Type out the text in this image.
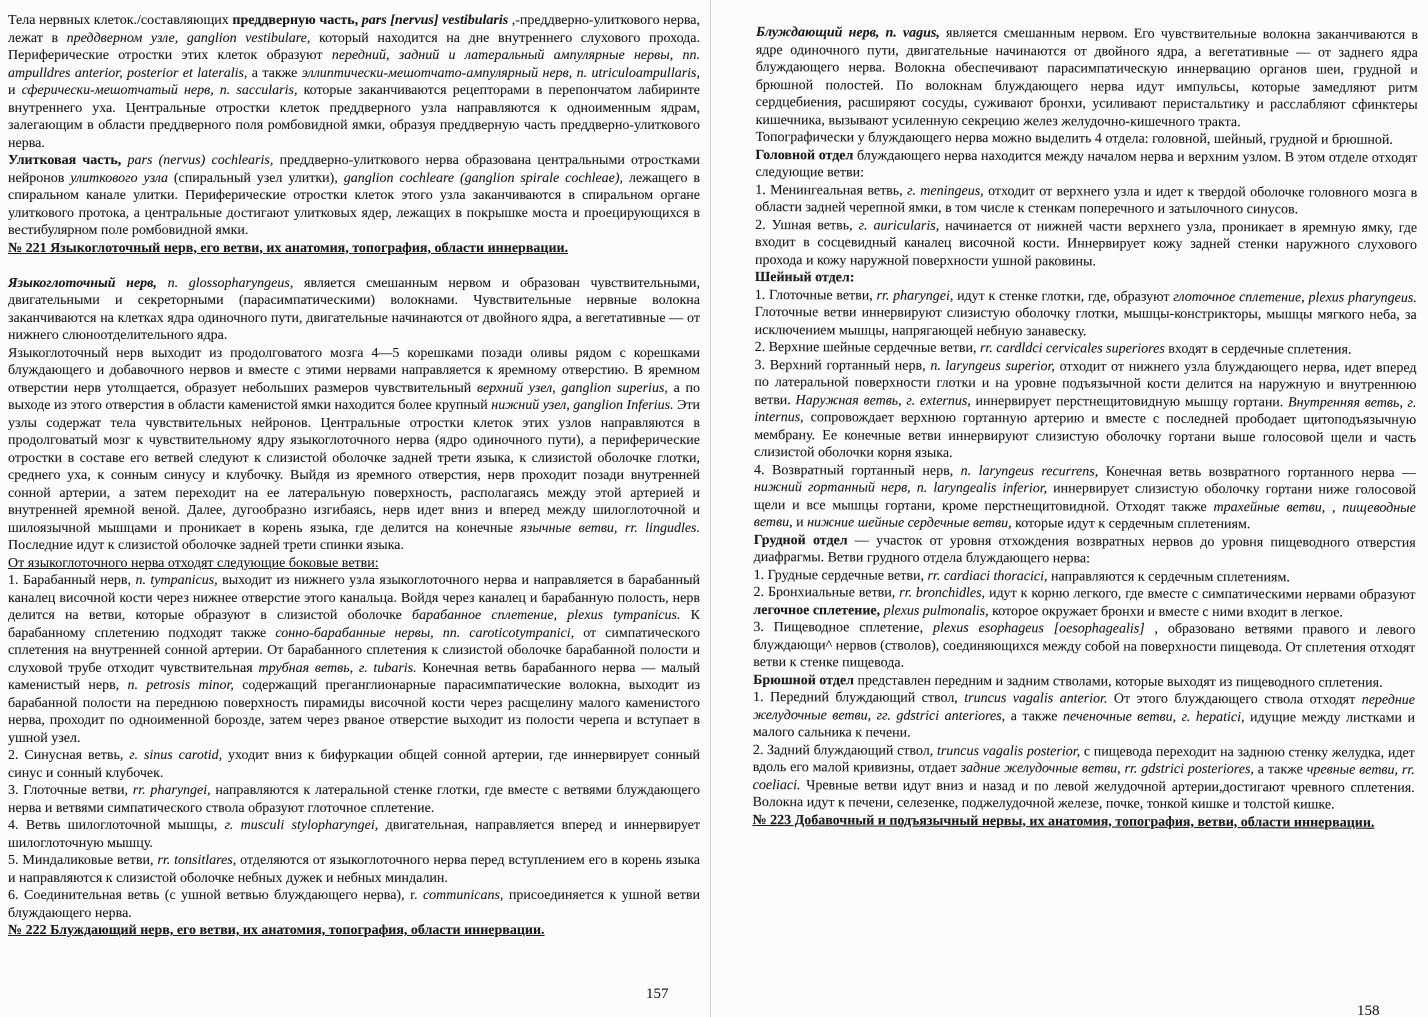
Тела нервных клеток./составляющих преддверную часть, pars [nervus] vestibularis ,-преддверно-улиткового нерва, лежат в преддверном узле, ganglion vestibulare, который находится на дне внутреннего слухового прохода. Периферические отростки этих клеток образуют передний, задний и латеральный ампулярные нервы, nn. ampulldres anterior, posterior et lateralis, а также эллиптически-мешотчато-ампулярный нерв, n. utriculoampullaris, и сферически-мешотчатый нерв, n. saccularis, которые заканчиваются рецепторами в перепончатом лабиринте внутреннего уха. Центральные отростки клеток преддверного узла направляются к одноименным ядрам, залегающим в области преддверного поля ромбовидной ямки, образуя преддверную часть преддверно-улиткового нерва.

Улитковая часть, pars (nervus) cochlearis, преддверно-улиткового нерва образована центральными отростками нейронов улиткового узла (спиральный узел улитки), ganglion cochleare (ganglion spirale cochleae), лежащего в спиральном канале улитки. Периферические отростки клеток этого узла заканчиваются в спиральном органе улиткового протока, а центральные достигают улитковых ядер, лежащих в покрышке моста и проецирующихся в вестибулярном поле ромбовидной ямки.

№ 221 Языкоглоточный нерв, его ветви, их анатомия, топография, области иннервации.

Языкоглоточный нерв, n. glossopharyngeus, является смешанным нервом и образован чувствительными, двигательными и секреторными (парасимпатическими) волокнами. Чувствительные нервные волокна заканчиваются на клетках ядра одиночного пути, двигательные начинаются от двойного ядра, а вегетативные — от нижнего слюноотделительного ядра.

Языкоглоточный нерв выходит из продолговатого мозга 4—5 корешками позади оливы рядом с корешками блуждающего и добавочного нервов и вместе с этими нервами направляется к яремному отверстию. В яремном отверстии нерв утолщается, образует небольших размеров чувствительный верхний узел, ganglion superius, а по выходе из этого отверстия в области каменистой ямки находится более крупный нижний узел, ganglion Inferius. Эти узлы содержат тела чувствительных нейронов. Центральные отростки клеток этих узлов направляются в продолговатый мозг к чувствительному ядру языкоглоточного нерва (ядро одиночного пути), а периферические отростки в составе его ветвей следуют к слизистой оболочке задней трети языка, к слизистой оболочке глотки, среднего уха, к сонным синусу и клубочку. Выйдя из яремного отверстия, нерв проходит позади внутренней сонной артерии, а затем переходит на ее латеральную поверхность, располагаясь между этой артерией и внутренней яремной веной. Далее, дугообразно изгибаясь, нерв идет вниз и вперед между шилоглоточной и шилоязычной мышцами и проникает в корень языка, где делится на конечные язычные ветви, rr. lingudles. Последние идут к слизистой оболочке задней трети спинки языка.

От языкоглоточного нерва отходят следующие боковые ветви:

1. Барабанный нерв, n. tympanicus, выходит из нижнего узла языкоглоточного нерва и направляется в барабанный каналец височной кости через нижнее отверстие этого канальца. Войдя через каналец и барабанную полость, нерв делится на ветви, которые образуют в слизистой оболочке барабанное сплетение, plexus tympanicus. К барабанному сплетению подходят также сонно-барабанные нервы, nn. caroticotympanici, от симпатического сплетения на внутренней сонной артерии. От барабанного сплетения к слизистой оболочке барабанной полости и слуховой трубе отходит чувствительная трубная ветвь, г. tubaris. Конечная ветвь барабанного нерва — малый каменистый нерв, n. petrosis minor, содержащий преганглионарные парасимпатические волокна, выходит из барабанной полости на переднюю поверхность пирамиды височной кости через расщелину малого каменистого нерва, проходит по одноименной борозде, затем через рваное отверстие выходит из полости черепа и вступает в ушной узел.

2. Синусная ветвь, г. sinus carotid, уходит вниз к бифуркации общей сонной артерии, где иннервирует сонный синус и сонный клубочек.

3. Глоточные ветви, rr. pharyngei, направляются к латеральной стенке глотки, где вместе с ветвями блуждающего нерва и ветвями симпатического ствола образуют глоточное сплетение.

4. Ветвь шилоглоточной мышцы, г. musculi stylopharyngei, двигательная, направляется вперед и иннервирует шилоглоточную мышцу.

5. Миндаликовые ветви, rr. tonsitlares, отделяются от языкоглоточного нерва перед вступлением его в корень языка и направляются к слизистой оболочке небных дужек и небных миндалин.

6. Соединительная ветвь (с ушной ветвью блуждающего нерва), r. communicans, присоединяется к ушной ветви блуждающего нерва.

№ 222 Блуждающий нерв, его ветви, их анатомия, топография, области иннервации.

Блуждающий нерв, n. vagus, является смешанным нервом. Его чувствительные волокна заканчиваются в ядре одиночного пути, двигательные начинаются от двойного ядра, а вегетативные — от заднего ядра блуждающего нерва. Волокна обеспечивают парасимпатическую иннервацию органов шеи, грудной и брюшной полостей. По волокнам блуждающего нерва идут импульсы, которые замедляют ритм сердцебиения, расширяют сосуды, суживают бронхи, усиливают перистальтику и расслабляют сфинктеры кишечника, вызывают усиленную секрецию желез желудочно-кишечного тракта.

Топографически у блуждающего нерва можно выделить 4 отдела: головной, шейный, грудной и брюшной.

Головной отдел блуждающего нерва находится между началом нерва и верхним узлом. В этом отделе отходят следующие ветви:

1. Менингеальная ветвь, г. meningeus, отходит от верхнего узла и идет к твердой оболочке головного мозга в области задней черепной ямки, в том числе к стенкам поперечного и затылочного синусов.

2. Ушная ветвь, г. auricularis, начинается от нижней части верхнего узла, проникает в яремную ямку, где входит в сосцевидный каналец височной кости. Иннервирует кожу задней стенки наружного слухового прохода и кожу наружной поверхности ушной раковины.

Шейный отдел:

1. Глоточные ветви, rr. pharyngei, идут к стенке глотки, где, образуют глоточное сплетение, plexus pharyngeus. Глоточные ветви иннервируют слизистую оболочку глотки, мышцы-констрикторы, мышцы мягкого неба, за исключением мышцы, напрягающей небную занавеску.

2. Верхние шейные сердечные ветви, rr. cardldci cervicales superiores входят в сердечные сплетения.

3. Верхний гортанный нерв, n. laryngeus superior, отходит от нижнего узла блуждающего нерва, идет вперед по латеральной поверхности глотки и на уровне подъязычной кости делится на наружную и внутреннюю ветви. Наружная ветвь, г. externus, иннервирует перстнещитовидную мышцу гортани. Внутренняя ветвь, г. internus, сопровождает верхнюю гортанную артерию и вместе с последней прободает щитоподъязычную мембрану. Ее конечные ветви иннервируют слизистую оболочку гортани выше голосовой щели и часть слизистой оболочки корня языка.

4. Возвратный гортанный нерв, n. laryngeus recurrens, Конечная ветвь возвратного гортанного нерва — нижний гортанный нерв, n. laryngealis inferior, иннервирует слизистую оболочку гортани ниже голосовой щели и все мышцы гортани, кроме перстнещитовидной. Отходят также трахейные ветви, , пищеводные ветви, и нижние шейные сердечные ветви, которые идут к сердечным сплетениям.

Грудной отдел — участок от уровня отхождения возвратных нервов до уровня пищеводного отверстия диафрагмы. Ветви грудного отдела блуждающего нерва:

1. Грудные сердечные ветви, rr. cardiaci thoracici, направляются к сердечным сплетениям.

2. Бронхиальные ветви, rr. bronchidles, идут к корню легкого, где вместе с симпатическими нервами образуют легочное сплетение, plexus pulmonalis, которое окружает бронхи и вместе с ними входит в легкое.

3. Пищеводное сплетение, plexus esophageus [oesophagealis] , образовано ветвями правого и левого блуждающи^ нервов (стволов), соединяющихся между собой на поверхности пищевода. От сплетения отходят ветви к стенке пищевода.

Брюшной отдел представлен передним и задним стволами, которые выходят из пищеводного сплетения.

1. Передний блуждающий ствол, truncus vagalis anterior. От этого блуждающего ствола отходят передние желудочные ветви, гг. gdstrici anteriores, а также печеночные ветви, г. hepatici, идущие между листками и малого сальника к печени.

2. Задний блуждающий ствол, truncus vagalis posterior, с пищевода переходит на заднюю стенку желудка, идет вдоль его малой кривизны, отдает задние желудочные ветви, rr. gdstrici posteriores, а также чревные ветви, rr. coeliaci. Чревные ветви идут вниз и назад и по левой желудочной артерии,достигают чревного сплетения. Волокна идут к печени, селезенке, поджелудочной железе, почке, тонкой кишке и толстой кишке.

№ 223 Добавочный и подъязычный нервы, их анатомия, топография, ветви, области иннервации.

157
158
